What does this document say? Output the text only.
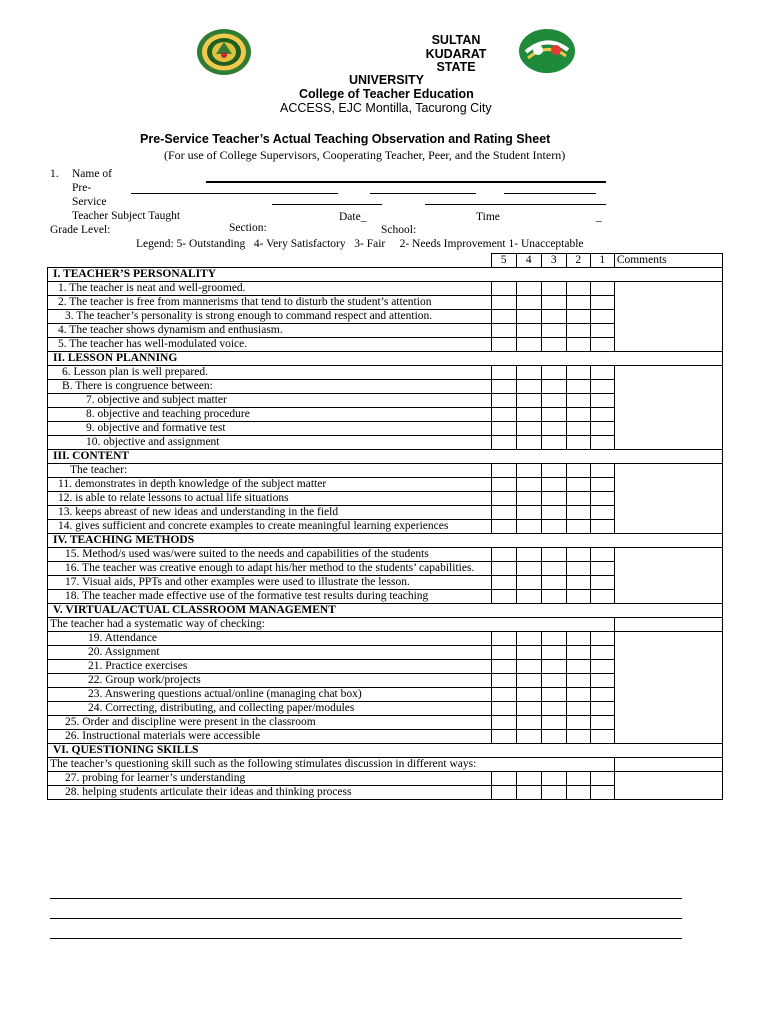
SULTAN
KUDARAT
STATE
UNIVERSITY
College of Teacher Education
ACCESS, EJC Montilla, Tacurong City
Pre-Service Teacher’s Actual Teaching Observation and Rating Sheet
(For use of College Supervisors, Cooperating Teacher, Peer, and the Student Intern)
1. Name of
Pre-
Service
Teacher Subject Taught	Date_	Time	_
Grade Level:	Section:	School:
Legend: 5- Outstanding   4- Very Satisfactory   3- Fair     2- Needs Improvement 1- Unacceptable
	5	4	3	2	1	Comments
I. TEACHER’S PERSONALITY						
1. The teacher is neat and well-groomed.						
2. The teacher is free from mannerisms that tend to disturb the student’s attention						
3. The teacher’s personality is strong enough to command respect and attention.						
4. The teacher shows dynamism and enthusiasm.						
5. The teacher has well-modulated voice.						
II. LESSON PLANNING						
6. Lesson plan is well prepared.						
B. There is congruence between:						
7. objective and subject matter						
8. objective and teaching procedure						
9. objective and formative test						
10. objective and assignment						
III. CONTENT						
The teacher:						
11. demonstrates in depth knowledge of the subject matter						
12. is able to relate lessons to actual life situations						
13. keeps abreast of new ideas and understanding in the field						
14. gives sufficient and concrete examples to create meaningful learning experiences						
IV. TEACHING METHODS						
15. Method/s used was/were suited to the needs and capabilities of the students						
16. The teacher was creative enough to adapt his/her method to the students’ capabilities.						
17. Visual aids, PPTs and other examples were used to illustrate the lesson.						
18. The teacher made effective use of the formative test results during teaching						
V. VIRTUAL/ACTUAL CLASSROOM MANAGEMENT						
The teacher had a systematic way of checking:						
19. Attendance						
20. Assignment						
21. Practice exercises						
22. Group work/projects						
23. Answering questions actual/online (managing chat box)						
24. Correcting, distributing, and collecting paper/modules						
25. Order and discipline were present in the classroom						
26. Instructional materials were accessible						
VI. QUESTIONING SKILLS						
The teacher’s questioning skill such as the following stimulates discussion in different ways:						
27. probing for learner’s understanding						
28. helping students articulate their ideas and thinking process						
